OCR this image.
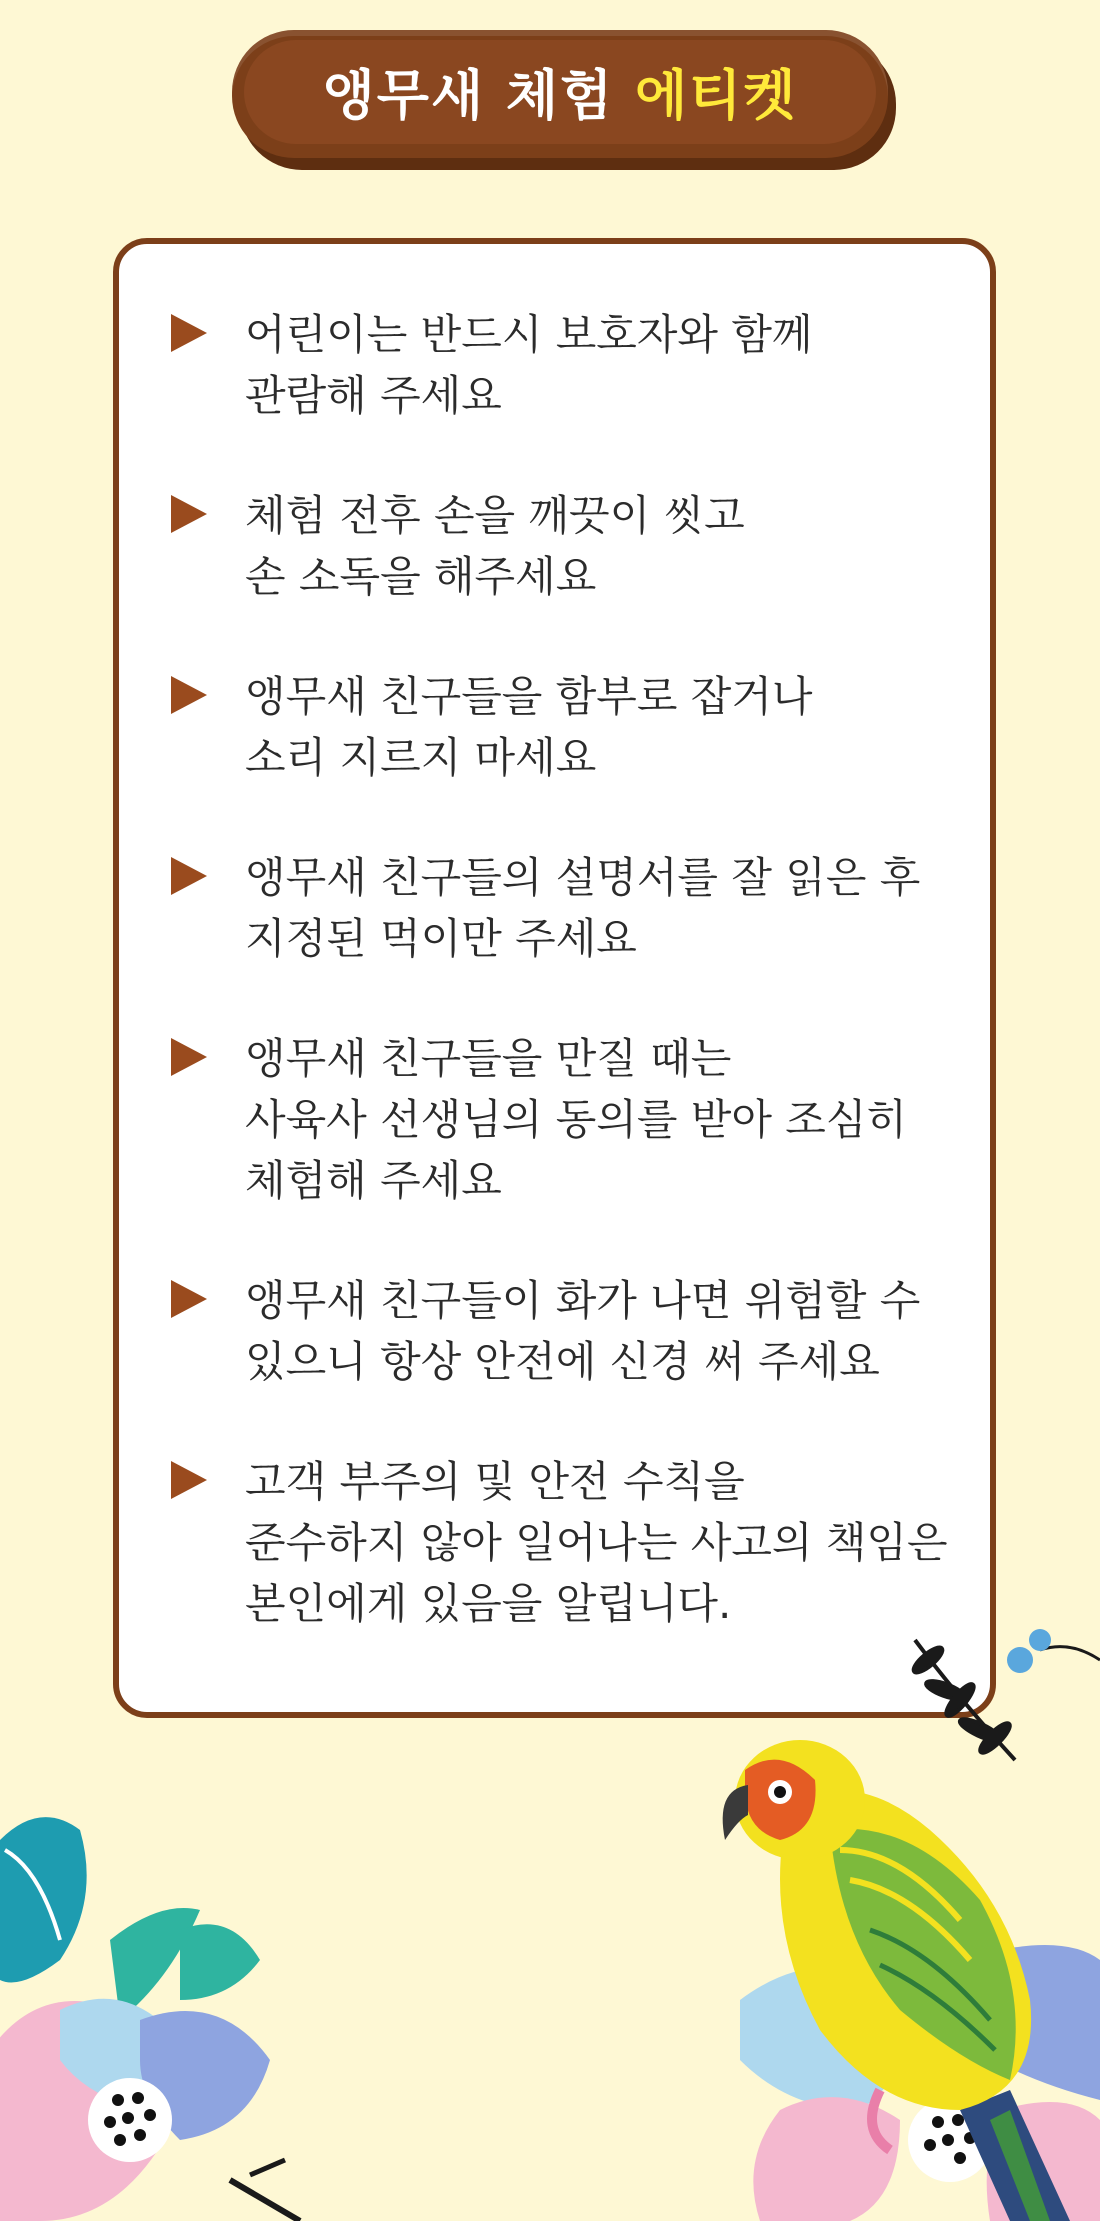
앵무새 체험 에티켓
어린이는 반드시 보호자와 함께
관람해 주세요
체험 전후 손을 깨끗이 씻고
손 소독을 해주세요
앵무새 친구들을 함부로 잡거나
소리 지르지 마세요
앵무새 친구들의 설명서를 잘 읽은 후
지정된 먹이만 주세요
앵무새 친구들을 만질 때는
사육사 선생님의 동의를 받아 조심히
체험해 주세요
앵무새 친구들이 화가 나면 위험할 수
있으니 항상 안전에 신경 써 주세요
고객 부주의 및 안전 수칙을
준수하지 않아 일어나는 사고의 책임은
본인에게 있음을 알립니다.
